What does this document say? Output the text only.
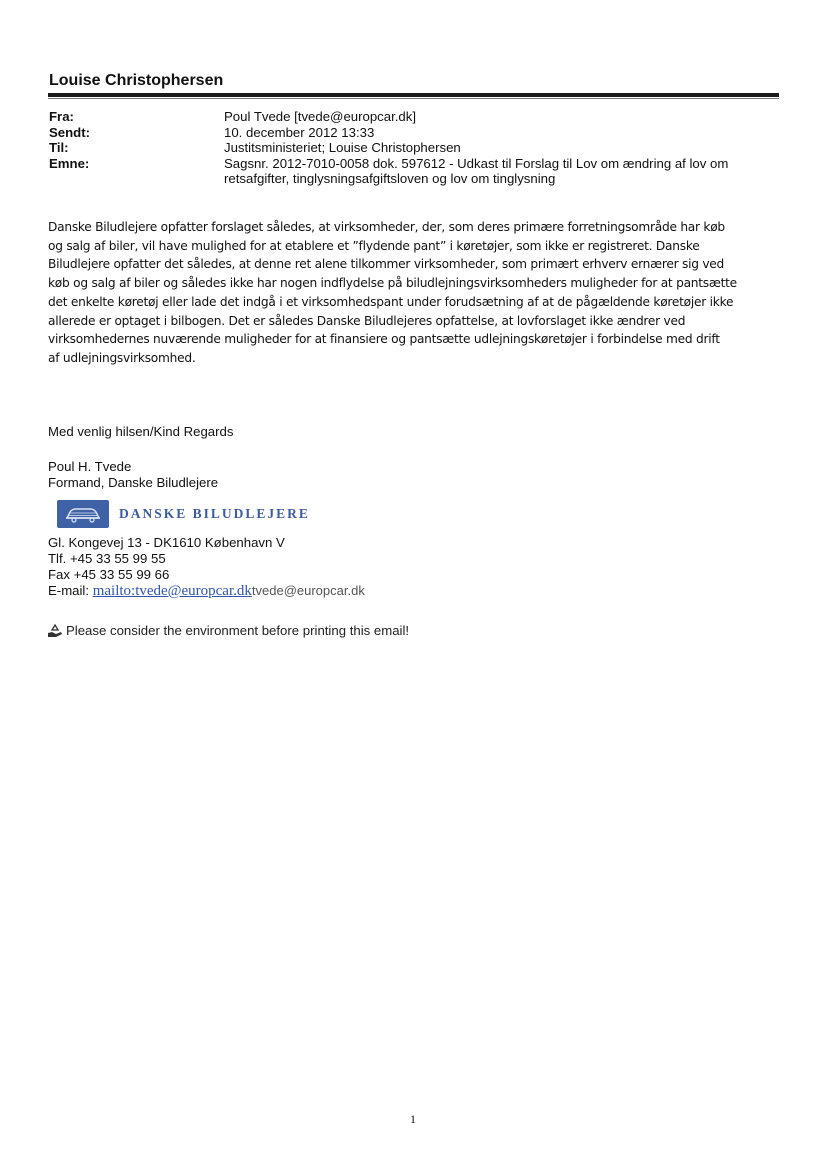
Louise Christophersen
Fra:	Poul Tvede [tvede@europcar.dk]
Sendt:	10. december 2012 13:33
Til:	Justitsministeriet; Louise Christophersen
Emne:	Sagsnr. 2012-7010-0058 dok. 597612 - Udkast til Forslag til Lov om ændring af lov om
retsafgifter, tinglysningsafgiftsloven og lov om tinglysning
Danske Biludlejere opfatter forslaget således, at virksomheder, der, som deres primære forretningsområde har køb
og salg af biler, vil have mulighed for at etablere et ”flydende pant” i køretøjer, som ikke er registreret. Danske
Biludlejere opfatter det således, at denne ret alene tilkommer virksomheder, som primært erhverv ernærer sig ved
køb og salg af biler og således ikke har nogen indflydelse på biludlejningsvirksomheders muligheder for at pantsætte
det enkelte køretøj eller lade det indgå i et virksomhedspant under forudsætning af at de pågældende køretøjer ikke
allerede er optaget i bilbogen. Det er således Danske Biludlejeres opfattelse, at lovforslaget ikke ændrer ved
virksomhedernes nuværende muligheder for at finansiere og pantsætte udlejningskøretøjer i forbindelse med drift
af udlejningsvirksomhed.
Med venlig hilsen/Kind Regards
Poul H. Tvede
Formand, Danske Biludlejere
DANSKE BILUDLEJERE
Gl. Kongevej 13 - DK1610 København V
Tlf. +45 33 55 99 55
Fax +45 33 55 99 66
E-mail: mailto:tvede@europcar.dktvede@europcar.dk
Please consider the environment before printing this email!
1
